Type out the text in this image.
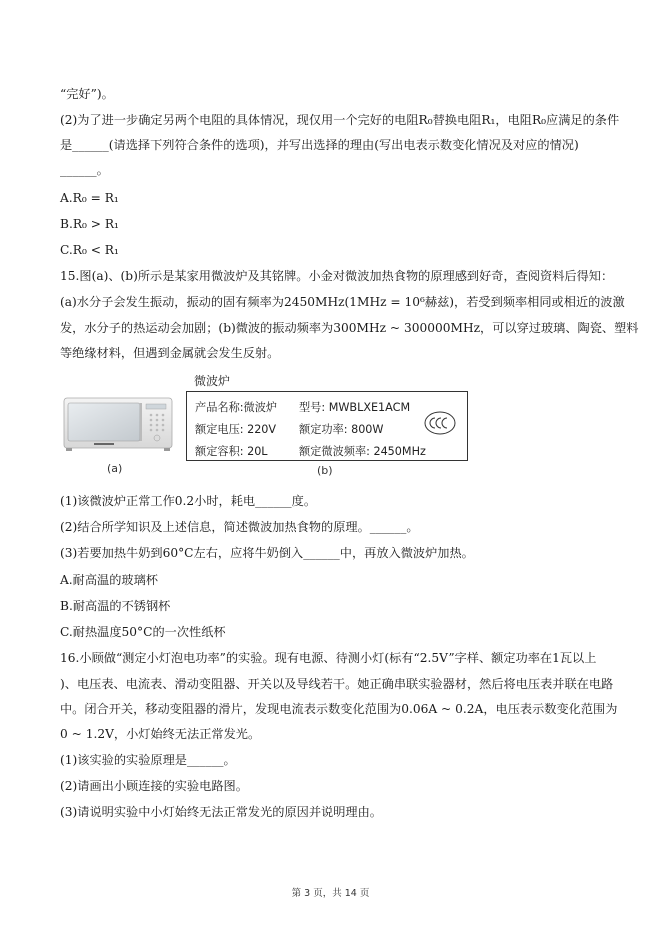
“完好”)。
(2)为了进一步确定另两个电阻的具体情况，现仅用一个完好的电阻R₀替换电阻R₁，电阻R₀应满足的条件
是______(请选择下列符合条件的选项)，并写出选择的理由(写出电表示数变化情况及对应的情况)
______。
A.R₀ = R₁
B.R₀ > R₁
C.R₀ < R₁
15.图(a)、(b)所示是某家用微波炉及其铭牌。小金对微波加热食物的原理感到好奇，查阅资料后得知：
(a)水分子会发生振动，振动的固有频率为2450MHz(1MHz = 10⁶赫兹)，若受到频率相同或相近的波激
发，水分子的热运动会加剧；(b)微波的振动频率为300MHz ~ 300000MHz，可以穿过玻璃、陶瓷、塑料
等绝缘材料，但遇到金属就会发生反射。
(a)
微波炉
产品名称:微波炉 型号: MWBLXE1ACM
额定电压: 220V 额定功率: 800W
额定容积: 20L	额定微波频率: 2450MHz
(b)
(1)该微波炉正常工作0.2小时，耗电______度。
(2)结合所学知识及上述信息，简述微波加热食物的原理。______。
(3)若要加热牛奶到60°C左右，应将牛奶倒入______中，再放入微波炉加热。
A.耐高温的玻璃杯
B.耐高温的不锈钢杯
C.耐热温度50°C的一次性纸杯
16.小顾做“测定小灯泡电功率”的实验。现有电源、待测小灯(标有“2.5V”字样、额定功率在1瓦以上
)、电压表、电流表、滑动变阻器、开关以及导线若干。她正确串联实验器材，然后将电压表并联在电路
中。闭合开关，移动变阻器的滑片，发现电流表示数变化范围为0.06A ~ 0.2A，电压表示数变化范围为
0 ~ 1.2V，小灯始终无法正常发光。
(1)该实验的实验原理是______。
(2)请画出小顾连接的实验电路图。
(3)请说明实验中小灯始终无法正常发光的原因并说明理由。
第 3 页，共 14 页
